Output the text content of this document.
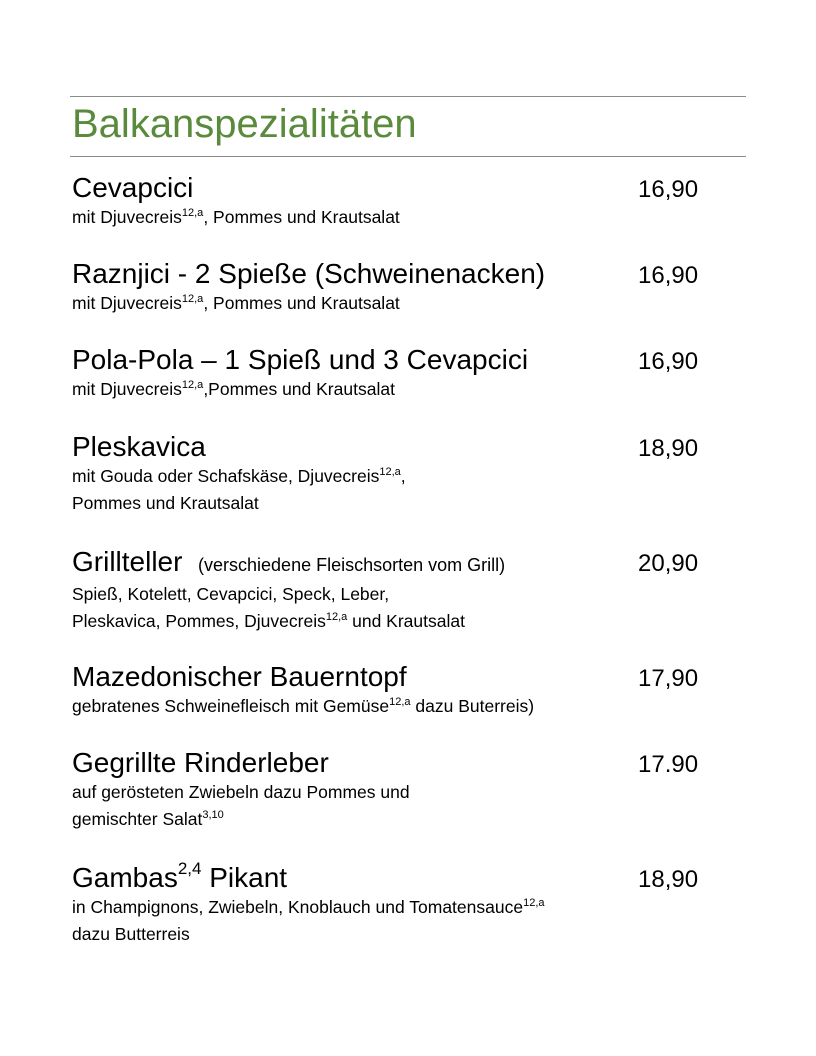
Balkanspezialitäten
Cevapcici	16,90
mit Djuvecreis$^{12,a}$, Pommes und Krautsalat
Raznjici - 2 Spieße (Schweinenacken)	16,90
mit Djuvecreis$^{12,a}$, Pommes und Krautsalat
Pola-Pola – 1 Spieß und 3 Cevapcici	16,90
mit Djuvecreis$^{12,a}$,Pommes und Krautsalat
Pleskavica	18,90
mit Gouda oder Schafskäse, Djuvecreis$^{12,a}$,
Pommes und Krautsalat
Grillteller (verschiedene Fleischsorten vom Grill)	20,90
Spieß, Kotelett, Cevapcici, Speck, Leber,
Pleskavica, Pommes, Djuvecreis$^{12,a}$ und Krautsalat
Mazedonischer Bauerntopf	17,90
gebratenes Schweinefleisch mit Gemüse$^{12,a}$ dazu Buterreis)
Gegrillte Rinderleber	17.90
auf gerösteten Zwiebeln dazu Pommes und
gemischter Salat$^{3,10}$
Gambas$^{2,4}$ Pikant	18,90
in Champignons, Zwiebeln, Knoblauch und Tomatensauce$^{12,a}$
dazu Butterreis
